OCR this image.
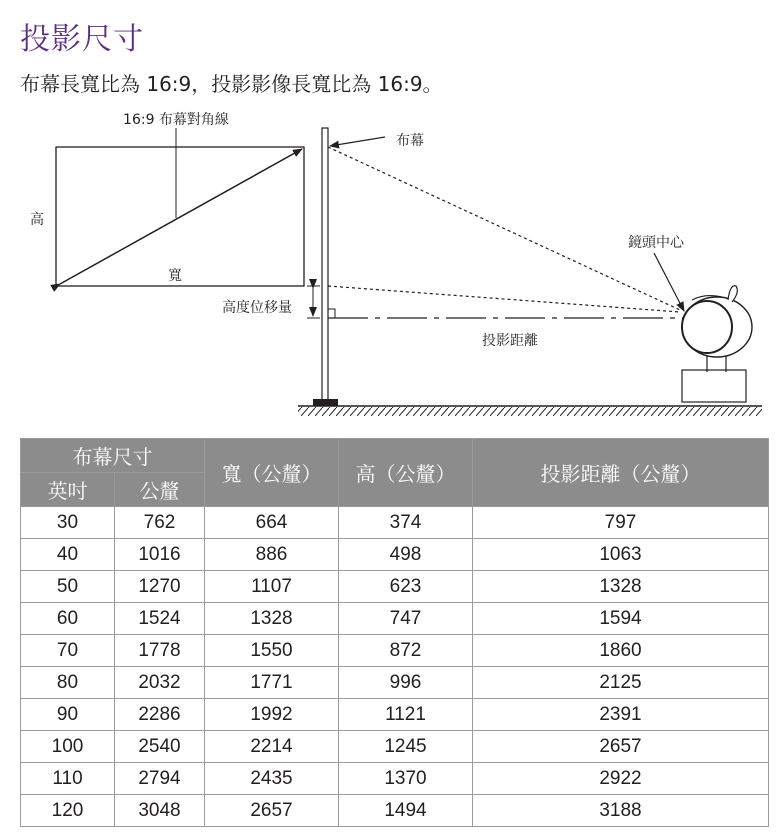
投影尺寸

布幕長寬比為 16:9，投影影像長寬比為 16:9。

16:9 布幕對角線
高
寬
布幕
高度位移量
投影距離
鏡頭中心
布幕尺寸		寬（公釐）	高（公釐）	投影距離（公釐）
英吋	公釐			
30	762	664	374	797
40	1016	886	498	1063
50	1270	1107	623	1328
60	1524	1328	747	1594
70	1778	1550	872	1860
80	2032	1771	996	2125
90	2286	1992	1121	2391
100	2540	2214	1245	2657
110	2794	2435	1370	2922
120	3048	2657	1494	3188
